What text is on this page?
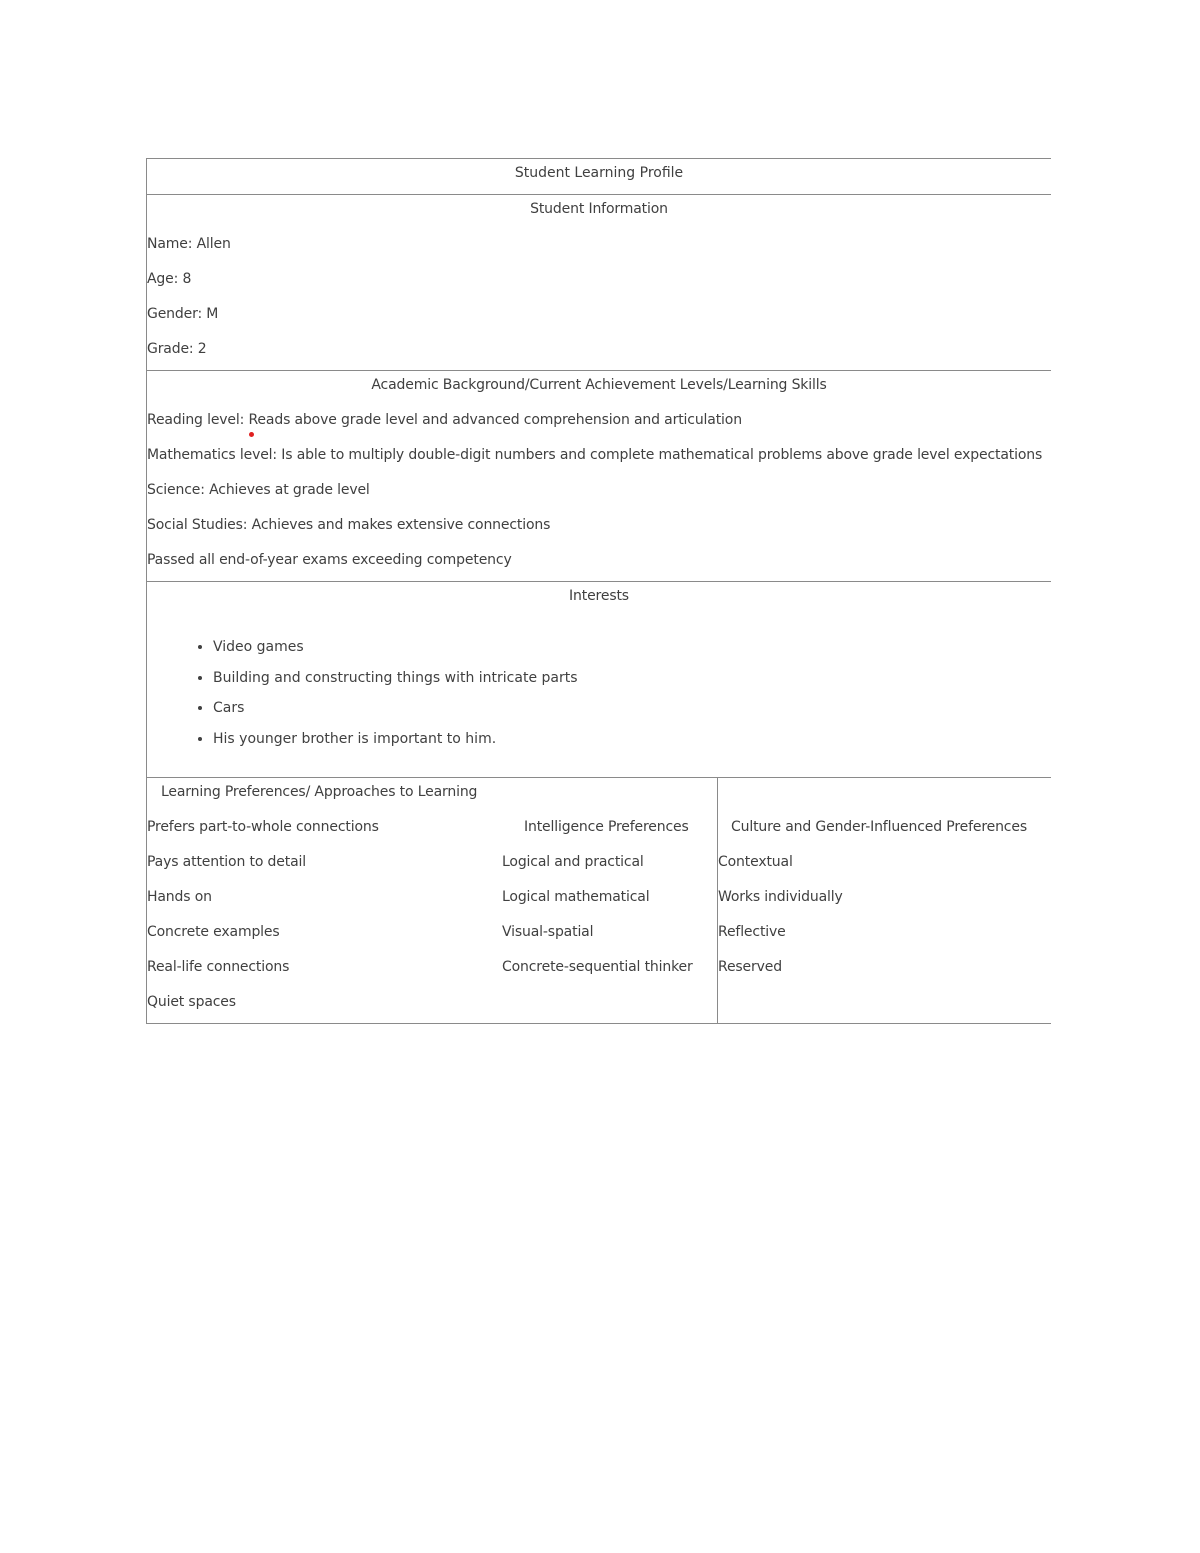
Student Learning Profile
Student Information
Name: Allen
Age: 8
Gender: M
Grade: 2
Academic Background/Current Achievement Levels/Learning Skills
Reading level: Reads above grade level and advanced comprehension and articulation
Mathematics level: Is able to multiply double-digit numbers and complete mathematical problems above grade level expectations
Science: Achieves at grade level
Social Studies: Achieves and makes extensive connections
Passed all end-of-year exams exceeding competency
Interests
• Video games
• Building and constructing things with intricate parts
• Cars
• His younger brother is important to him.
Learning Preferences/ Approaches to Learning
Prefers part-to-whole connections
Pays attention to detail
Hands on
Concrete examples
Real-life connections
Quiet spaces
Intelligence Preferences
Logical and practical
Logical mathematical
Visual-spatial
Concrete-sequential thinker
Culture and Gender-Influenced Preferences
Contextual
Works individually
Reflective
Reserved
